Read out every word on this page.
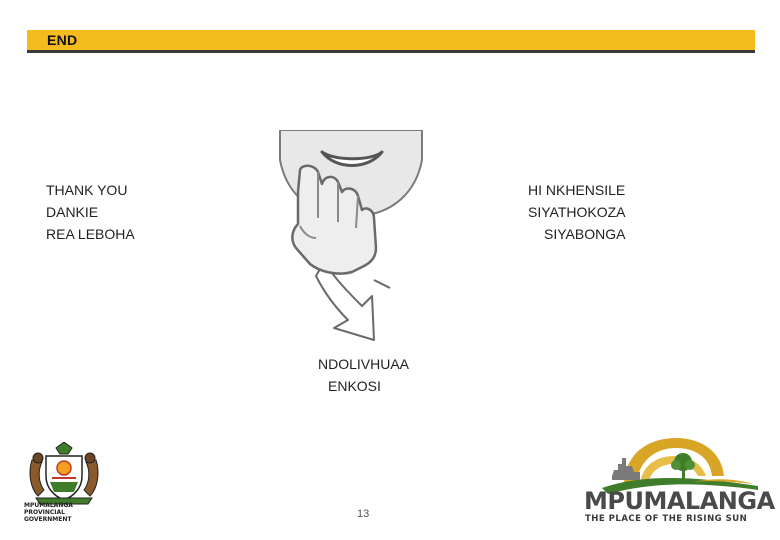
END
THANK YOU
DANKIE
REA LEBOHA
HI NKHENSILE
SIYATHOKOZA
SIYABONGA
NDOLIVHUAA
ENKOSI
13
MPUMALANGA
PROVINCIAL
GOVERNMENT
MPUMALANGA
THE PLACE OF THE RISING SUN
